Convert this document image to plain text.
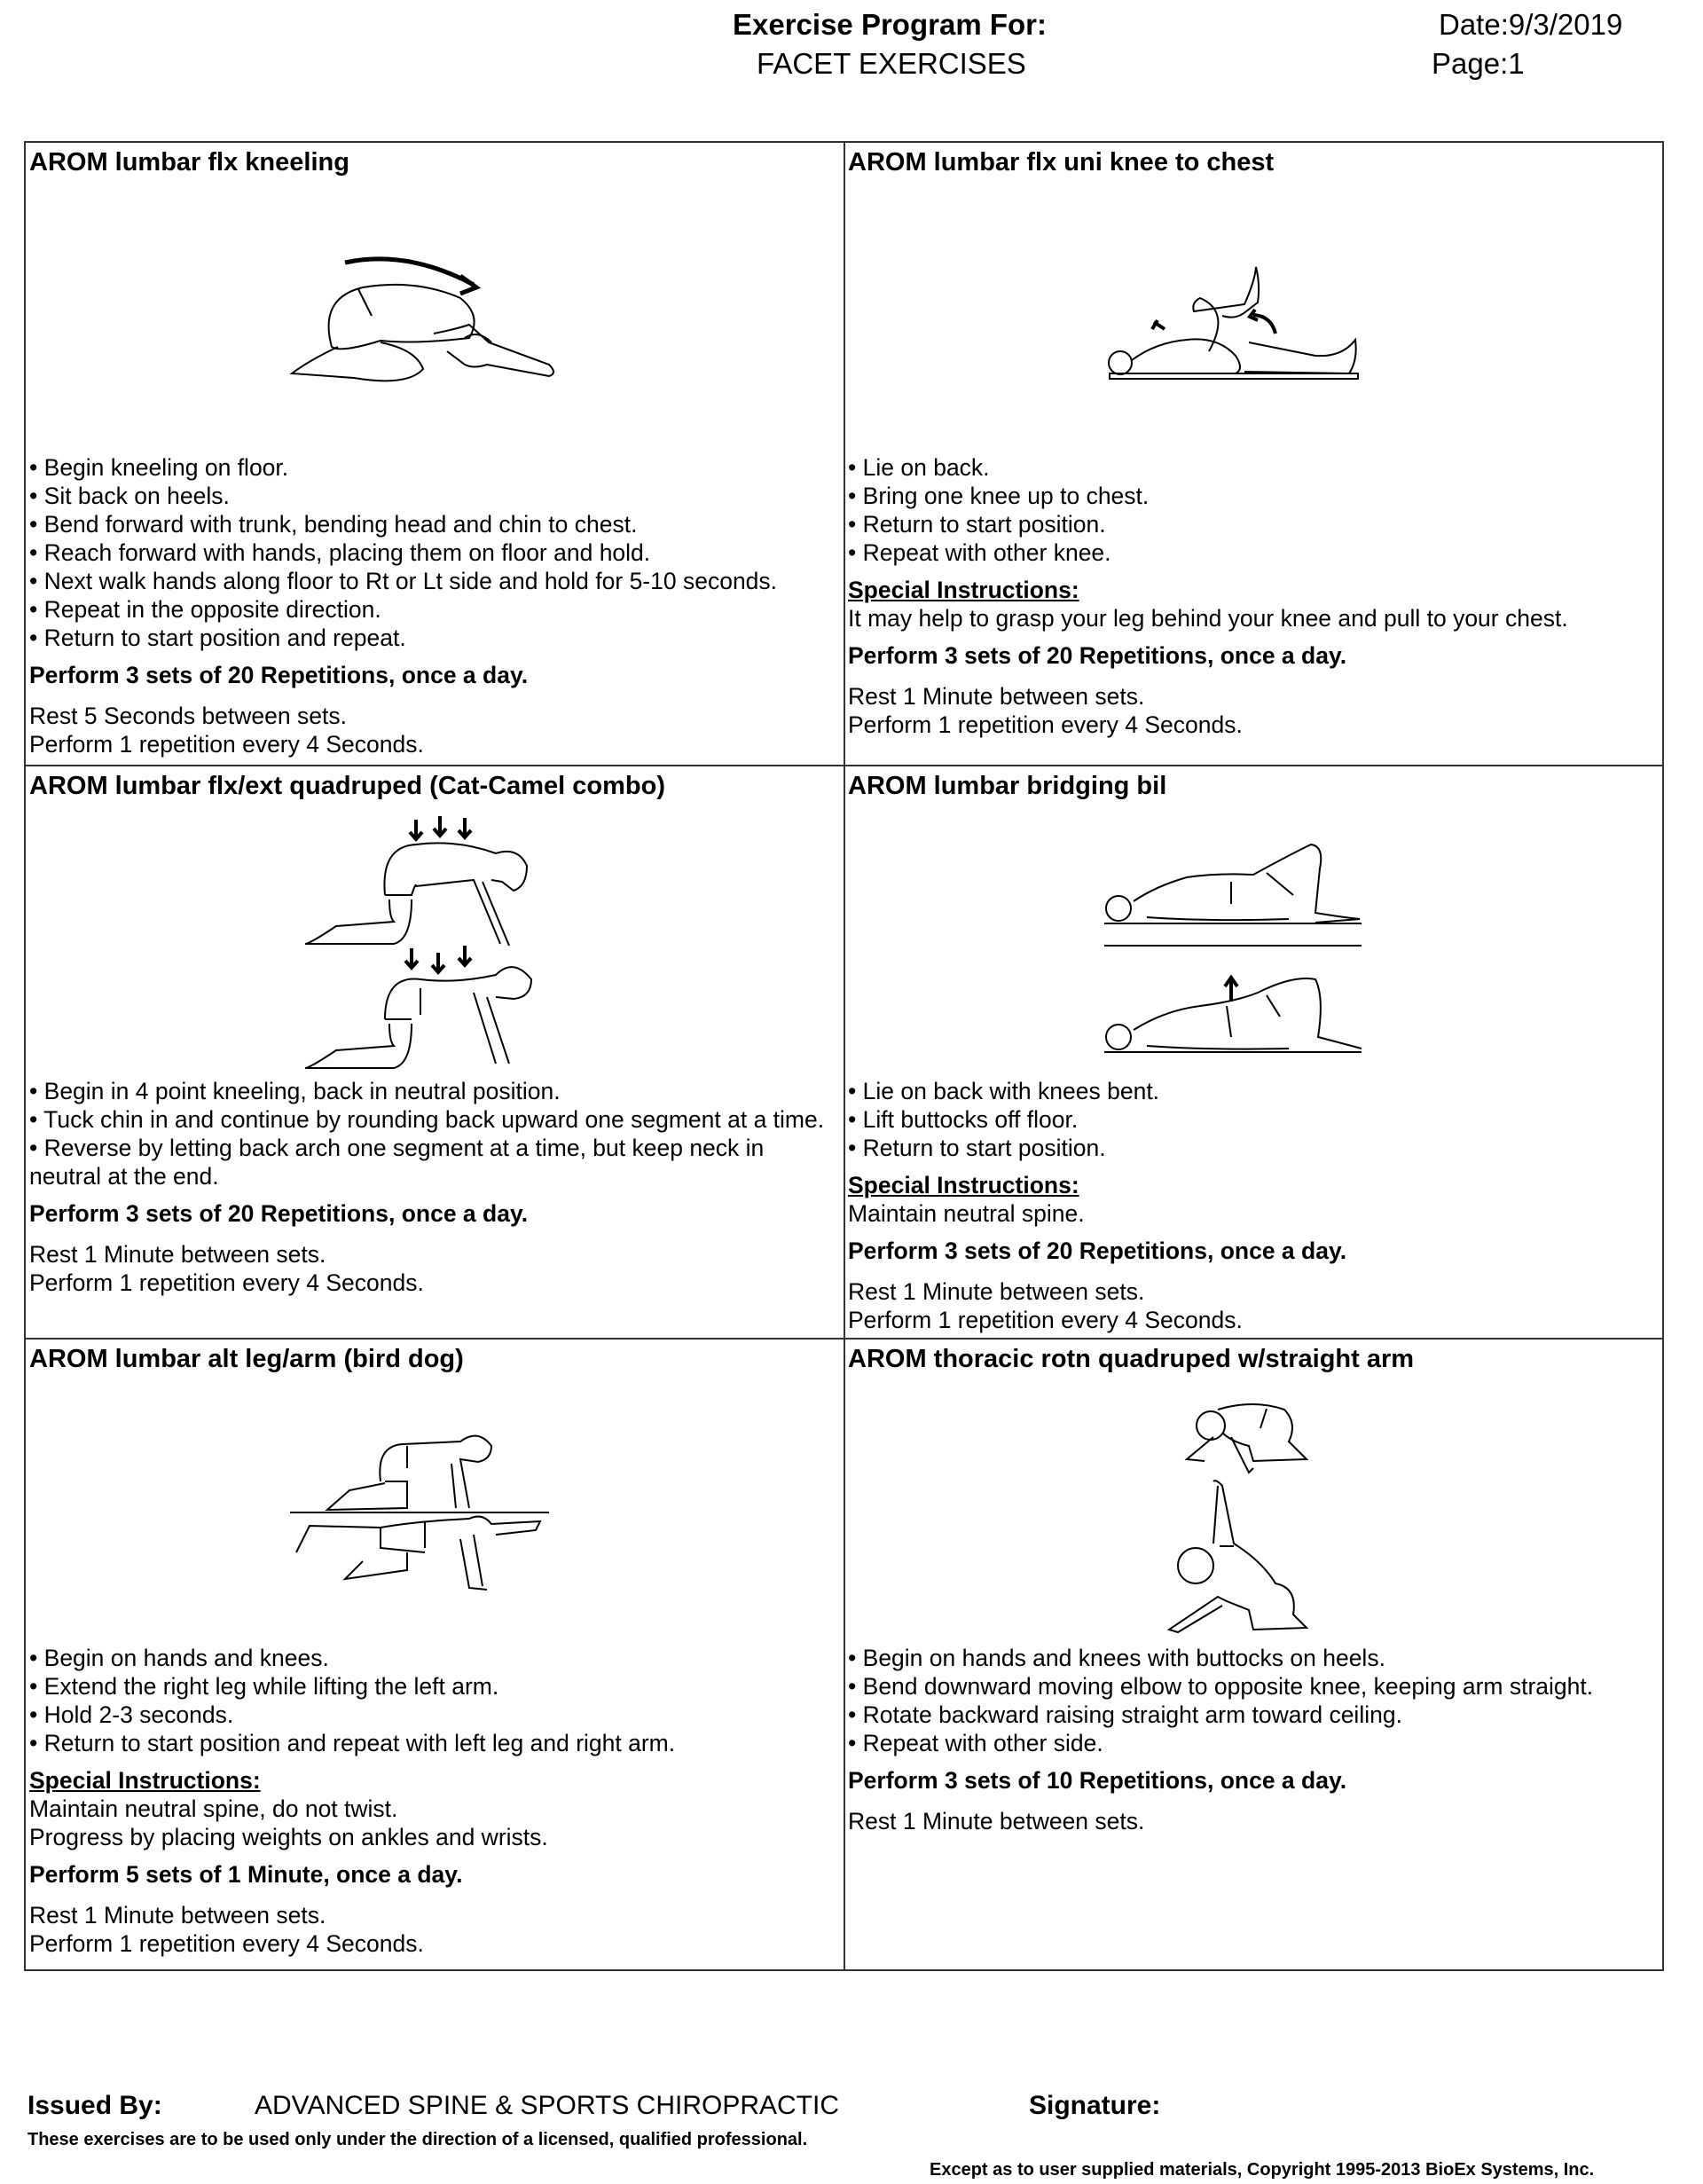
Exercise Program For:
FACET EXERCISES
Date:9/3/2019
Page:1
AROM lumbar flx kneeling

• Begin kneeling on floor.

• Sit back on heels.

• Bend forward with trunk, bending head and chin to chest.

• Reach forward with hands, placing them on floor and hold.

• Next walk hands along floor to Rt or Lt side and hold for 5-10 seconds.

• Repeat in the opposite direction.

• Return to start position and repeat.

Perform 3 sets of 20 Repetitions, once a day.

Rest 5 Seconds between sets.

Perform 1 repetition every 4 Seconds.

AROM lumbar flx uni knee to chest

• Lie on back.

• Bring one knee up to chest.

• Return to start position.

• Repeat with other knee.

Special Instructions:

It may help to grasp your leg behind your knee and pull to your chest.

Perform 3 sets of 20 Repetitions, once a day.

Rest 1 Minute between sets.

Perform 1 repetition every 4 Seconds.

AROM lumbar flx/ext quadruped (Cat-Camel combo)

• Begin in 4 point kneeling, back in neutral position.

• Tuck chin in and continue by rounding back upward one segment at a time.

• Reverse by letting back arch one segment at a time, but keep neck in neutral at the end.

Perform 3 sets of 20 Repetitions, once a day.

Rest 1 Minute between sets.

Perform 1 repetition every 4 Seconds.

AROM lumbar bridging bil

• Lie on back with knees bent.

• Lift buttocks off floor.

• Return to start position.

Special Instructions:

Maintain neutral spine.

Perform 3 sets of 20 Repetitions, once a day.

Rest 1 Minute between sets.

Perform 1 repetition every 4 Seconds.

AROM lumbar alt leg/arm (bird dog)

• Begin on hands and knees.

• Extend the right leg while lifting the left arm.

• Hold 2-3 seconds.

• Return to start position and repeat with left leg and right arm.

Special Instructions:

Maintain neutral spine, do not twist.

Progress by placing weights on ankles and wrists.

Perform 5 sets of 1 Minute, once a day.

Rest 1 Minute between sets.

Perform 1 repetition every 4 Seconds.

AROM thoracic rotn quadruped w/straight arm

• Begin on hands and knees with buttocks on heels.

• Bend downward moving elbow to opposite knee, keeping arm straight.

• Rotate backward raising straight arm toward ceiling.

• Repeat with other side.

Perform 3 sets of 10 Repetitions, once a day.

Rest 1 Minute between sets.

Issued By:	ADVANCED SPINE & SPORTS CHIROPRACTIC	Signature:
These exercises are to be used only under the direction of a licensed, qualified professional.
Except as to user supplied materials, Copyright 1995-2013 BioEx Systems, Inc.
